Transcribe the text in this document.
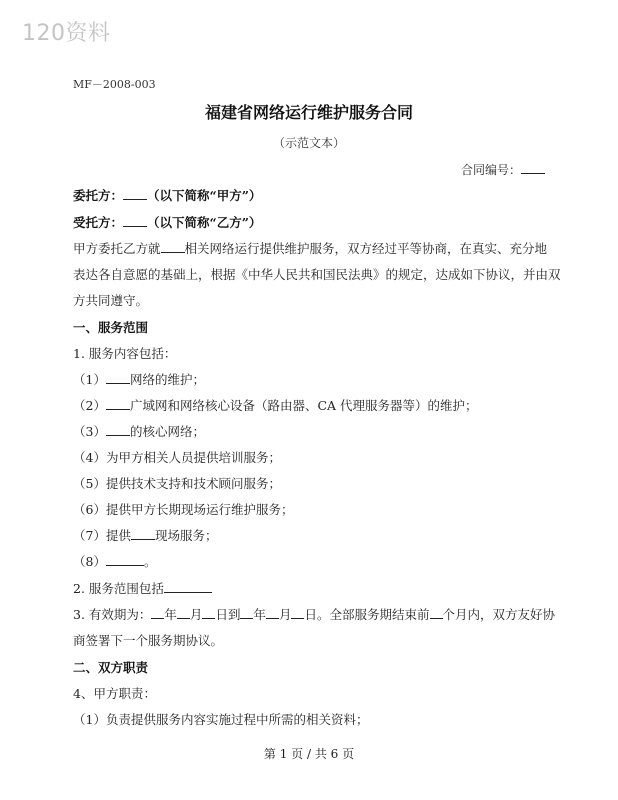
120资料
MF－2008-003
福建省网络运行维护服务合同
（示范文本）
合同编号：
委托方： （以下简称“甲方”）
受托方： （以下简称“乙方”）
甲方委托乙方就 相关网络运行提供维护服务，双方经过平等协商，在真实、充分地
表达各自意愿的基础上，根据《中华人民共和国民法典》的规定，达成如下协议，并由双
方共同遵守。
一、服务范围
1. 服务内容包括：
（1） 网络的维护；
（2） 广域网和网络核心设备（路由器、CA 代理服务器等）的维护；
（3） 的核心网络；
（4）为甲方相关人员提供培训服务；
（5）提供技术支持和技术顾问服务；
（6）提供甲方长期现场运行维护服务；
（7）提供 现场服务；
（8）	。
2. 服务范围包括
3. 有效期为： 年 月 日到 年 月 日。全部服务期结束前 个月内，双方友好协
商签署下一个服务期协议。
二、双方职责
4、甲方职责：
（1）负责提供服务内容实施过程中所需的相关资料；
第 1 页 / 共 6 页
